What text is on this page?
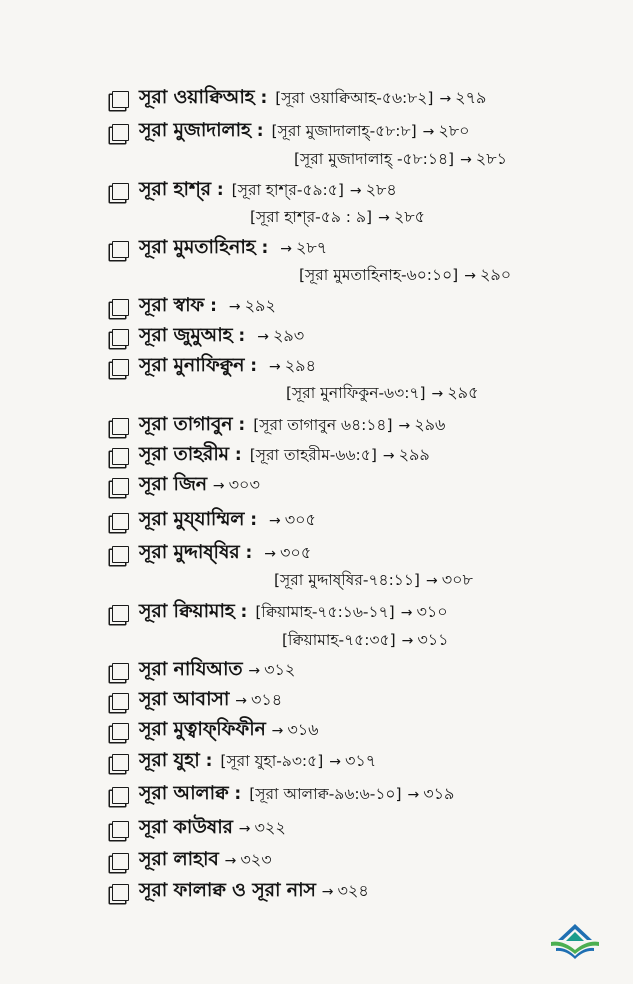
সূরা ওয়াক্বিআহ : [সূরা ওয়াক্বিআহ-৫৬:৮২] → ২৭৯
সূরা মুজাদালাহ : [সূরা মুজাদালাহ্-৫৮:৮] → ২৮০
[সূরা মুজাদালাহ্ -৫৮:১৪] → ২৮১
সূরা হাশ্‌র : [সূরা হাশ্‌র-৫৯:৫] → ২৮৪
[সূরা হাশ্‌র-৫৯ : ৯] → ২৮৫
সূরা মুমতাহিনাহ : → ২৮৭
[সূরা মুমতাহিনাহ-৬০:১০] → ২৯০
সূরা স্বাফ : → ২৯২
সূরা জুমুআহ : → ২৯৩
সূরা মুনাফিক্বুন : → ২৯৪
[সূরা মুনাফিকুন-৬৩:৭] → ২৯৫
সূরা তাগাবুন : [সূরা তাগাবুন ৬৪:১৪] → ২৯৬
সূরা তাহরীম : [সূরা তাহরীম-৬৬:৫] → ২৯৯
সূরা জিন → ৩০৩
সূরা মুয্‌যাম্মিল : → ৩০৫
সূরা মুদ্দাষ্‌ষির : → ৩০৫
[সূরা মুদ্দাষ্‌ষির-৭৪:১১] → ৩০৮
সূরা ক্বিয়ামাহ : [ক্বিয়ামাহ-৭৫:১৬-১৭] → ৩১০
[ক্বিয়ামাহ-৭৫:৩৫] → ৩১১
সূরা নাযিআত → ৩১২
সূরা আবাসা → ৩১৪
সূরা মুত্বাফ্‌ফিফীন → ৩১৬
সূরা যুহা : [সূরা যুহা-৯৩:৫] → ৩১৭
সূরা আলাক্ব : [সূরা আলাক্ব-৯৬:৬-১০] → ৩১৯
সূরা কাউষার → ৩২২
সূরা লাহাব → ৩২৩
সূরা ফালাক্ব ও সূরা নাস → ৩২৪
